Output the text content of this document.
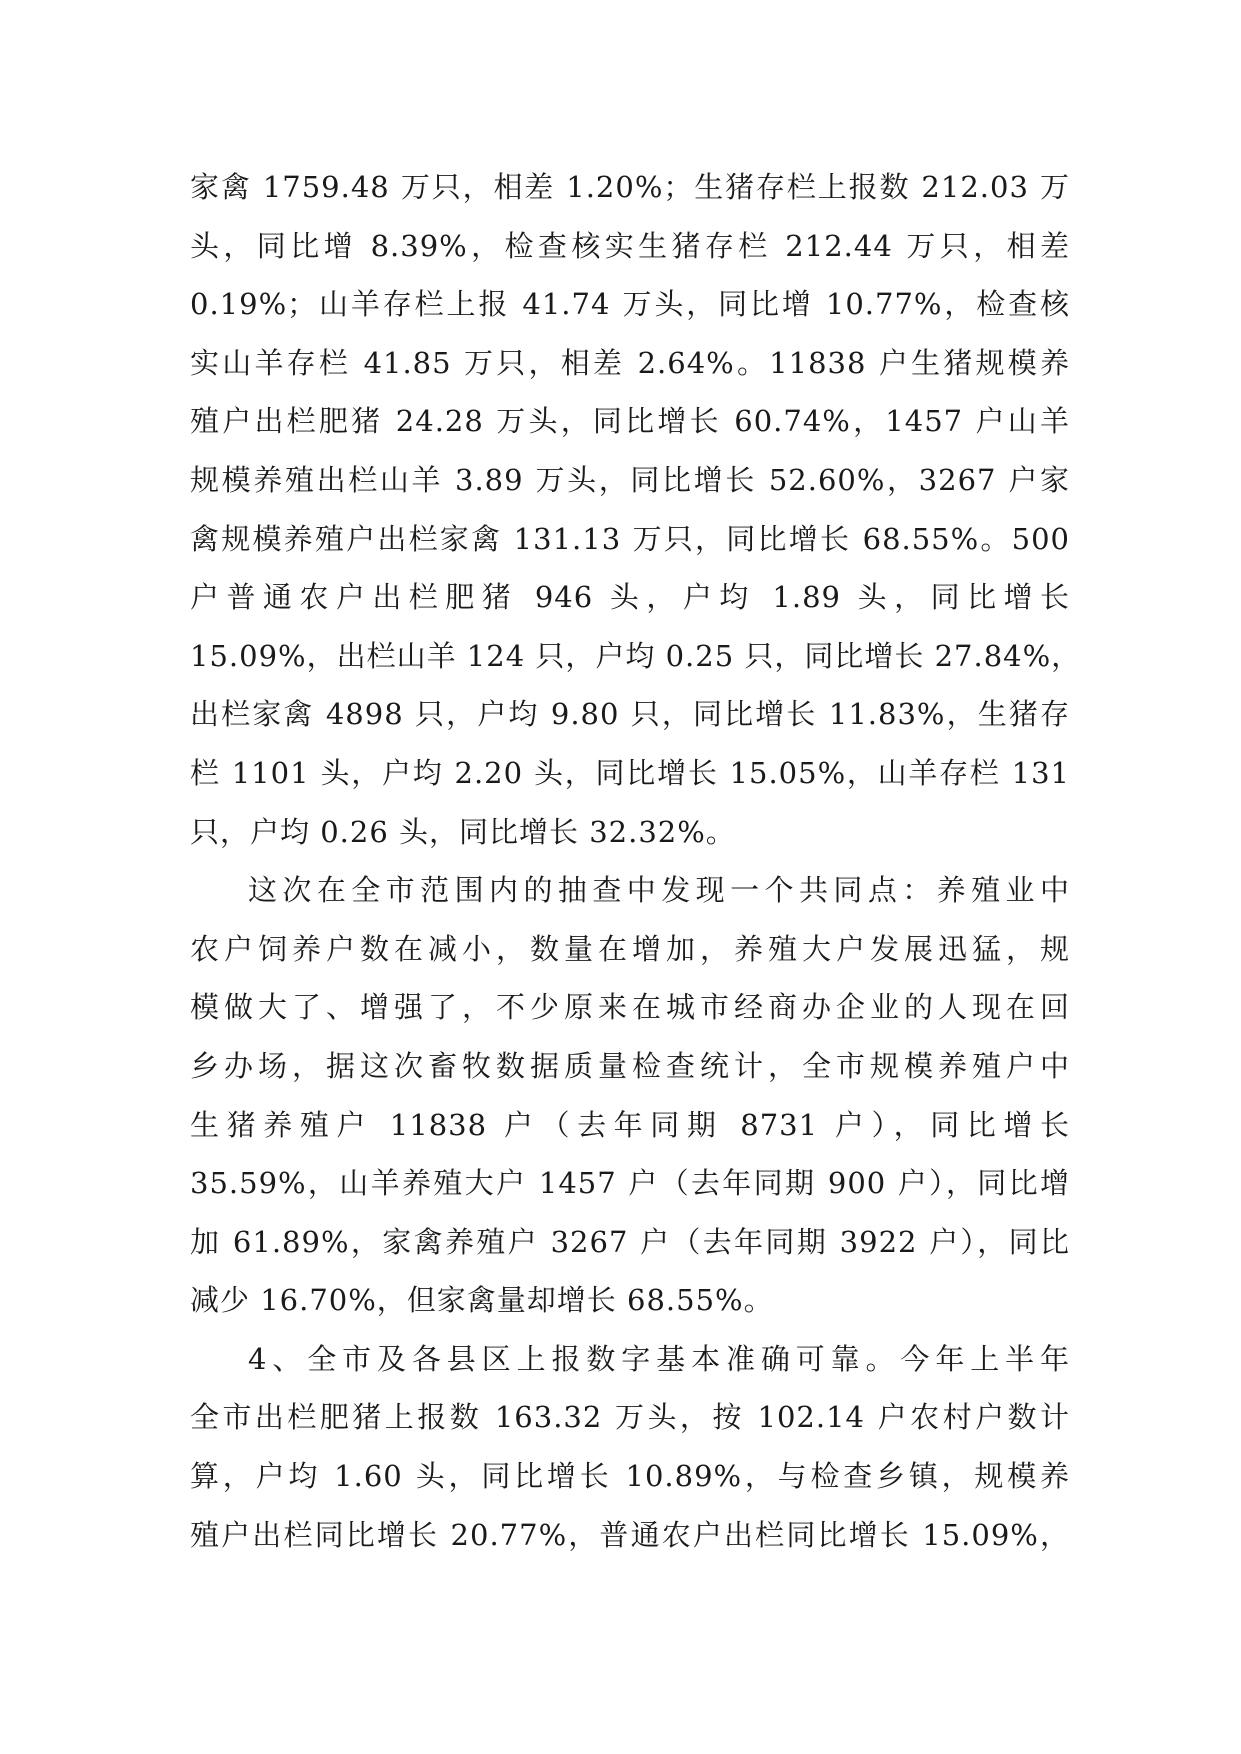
家禽 1759.48 万只，相差 1.20%；生猪存栏上报数 212.03 万
头，同比增 8.39%，检查核实生猪存栏 212.44 万只，相差
0.19%；山羊存栏上报 41.74 万头，同比增 10.77%，检查核
实山羊存栏 41.85 万只，相差 2.64%。11838 户生猪规模养
殖户出栏肥猪 24.28 万头，同比增长 60.74%，1457 户山羊
规模养殖出栏山羊 3.89 万头，同比增长 52.60%，3267 户家
禽规模养殖户出栏家禽 131.13 万只，同比增长 68.55%。500
户普通农户出栏肥猪 946 头，户均 1.89 头，同比增长
15.09%，出栏山羊 124 只，户均 0.25 只，同比增长 27.84%，
出栏家禽 4898 只，户均 9.80 只，同比增长 11.83%，生猪存
栏 1101 头，户均 2.20 头，同比增长 15.05%，山羊存栏 131
只，户均 0.26 头，同比增长 32.32%。
这次在全市范围内的抽查中发现一个共同点：养殖业中
农户饲养户数在减小，数量在增加，养殖大户发展迅猛，规
模做大了、增强了，不少原来在城市经商办企业的人现在回
乡办场，据这次畜牧数据质量检查统计，全市规模养殖户中
生猪养殖户 11838 户（去年同期 8731 户），同比增长
35.59%，山羊养殖大户 1457 户（去年同期 900 户），同比增
加 61.89%，家禽养殖户 3267 户（去年同期 3922 户），同比
减少 16.70%，但家禽量却增长 68.55%。
4、全市及各县区上报数字基本准确可靠。今年上半年
全市出栏肥猪上报数 163.32 万头，按 102.14 户农村户数计
算，户均 1.60 头，同比增长 10.89%，与检查乡镇，规模养
殖户出栏同比增长 20.77%，普通农户出栏同比增长 15.09%，
